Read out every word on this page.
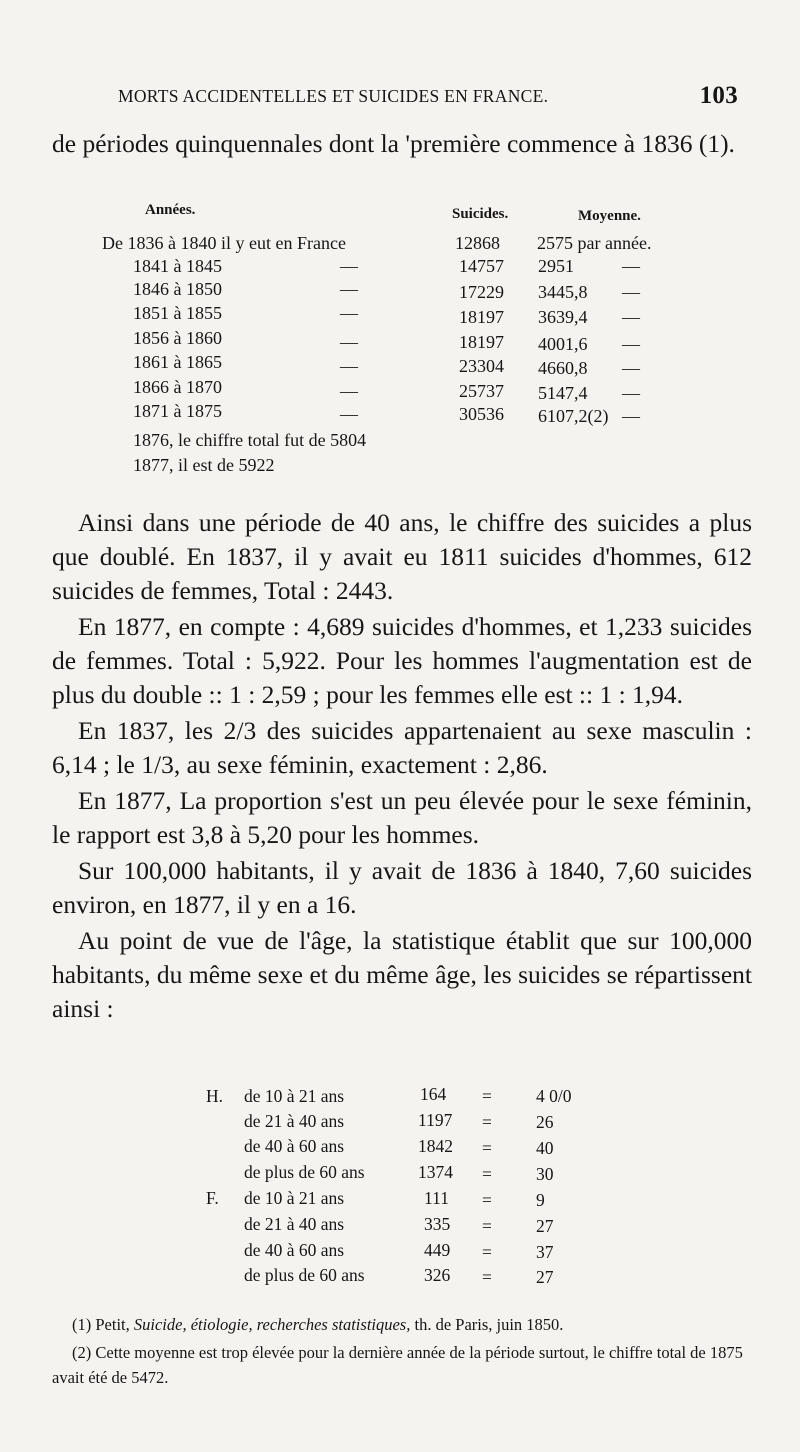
MORTS ACCIDENTELLES ET SUICIDES EN FRANCE.	103

de périodes quinquennales dont la 'première commence à 1836 (1).

Années.	Suicides.	Moyenne.
De 1836 à 1840 il y eut en France	12868 2575 par année.
1841 à 1845	—	14757 2951	—
1846 à 1850	—	17229 3445,8 —
1851 à 1855	—	18197 3639,4 —
1856 à 1860	—	18197 4001,6 —
1861 à 1865	—	23304 4660,8 —
1866 à 1870	—	25737 5147,4 —
1871 à 1875	—	30536 6107,2(2) —
1876, le chiffre total fut de 5804
1877, il est de 5922
Ainsi dans une période de 40 ans, le chiffre des suicides a plus que doublé. En 1837, il y avait eu 1811 suicides d'hommes, 612 suicides de femmes, Total : 2443.
En 1877, en compte : 4,689 suicides d'hommes, et 1,233 suicides de femmes. Total : 5,922. Pour les hommes l'augmentation est de plus du double :: 1 : 2,59 ; pour les femmes elle est :: 1 : 1,94.
En 1837, les 2/3 des suicides appartenaient au sexe masculin : 6,14 ; le 1/3, au sexe féminin, exactement : 2,86.
En 1877, La proportion s'est un peu élevée pour le sexe féminin, le rapport est 3,8 à 5,20 pour les hommes.
Sur 100,000 habitants, il y avait de 1836 à 1840, 7,60 suicides environ, en 1877, il y en a 16.
Au point de vue de l'âge, la statistique établit que sur 100,000 habitants, du même sexe et du même âge, les suicides se répartissent ainsi :
H. de 10 à 21 ans	164 =	4 0/0
de 21 à 40 ans	1197 =	26
de 40 à 60 ans	1842 =	40
de plus de 60 ans	1374 =	30
F. de 10 à 21 ans	111 =	9
de 21 à 40 ans	335 =	27
de 40 à 60 ans	449 =	37
de plus de 60 ans	326 =	27
(1) Petit, Suicide, étiologie, recherches statistiques, th. de Paris, juin 1850.
(2) Cette moyenne est trop élevée pour la dernière année de la période surtout, le chiffre total de 1875 avait été de 5472.
